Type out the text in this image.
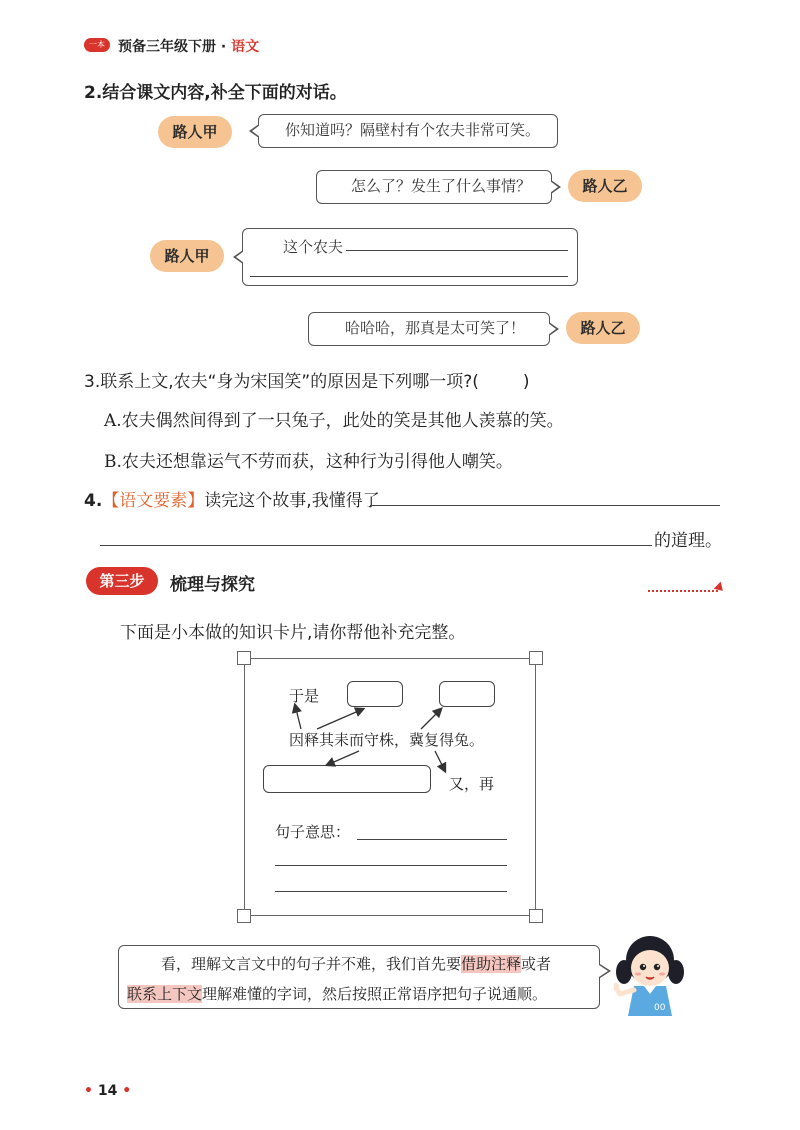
一本 预备三年级下册 · 语文
2.结合课文内容,补全下面的对话。
路人甲	你知道吗？隔壁村有个农夫非常可笑。
怎么了？发生了什么事情？	路人乙
路人甲	这个农夫
哈哈哈，那真是太可笑了！	路人乙
3.联系上文,农夫“身为宋国笑”的原因是下列哪一项?(	)
A.农夫偶然间得到了一只兔子，此处的笑是其他人羡慕的笑。
B.农夫还想靠运气不劳而获，这种行为引得他人嘲笑。
4.【语文要素】读完这个故事,我懂得了
的道理。
第三步	梳理与探究
下面是小本做的知识卡片,请你帮他补充完整。
于是
因释其耒而守株，冀复得兔。
又，再
句子意思：
看，理解文言文中的句子并不难，我们首先要借助注释或者
联系上下文理解难懂的字词，然后按照正常语序把句子说通顺。
00
• 14 •
